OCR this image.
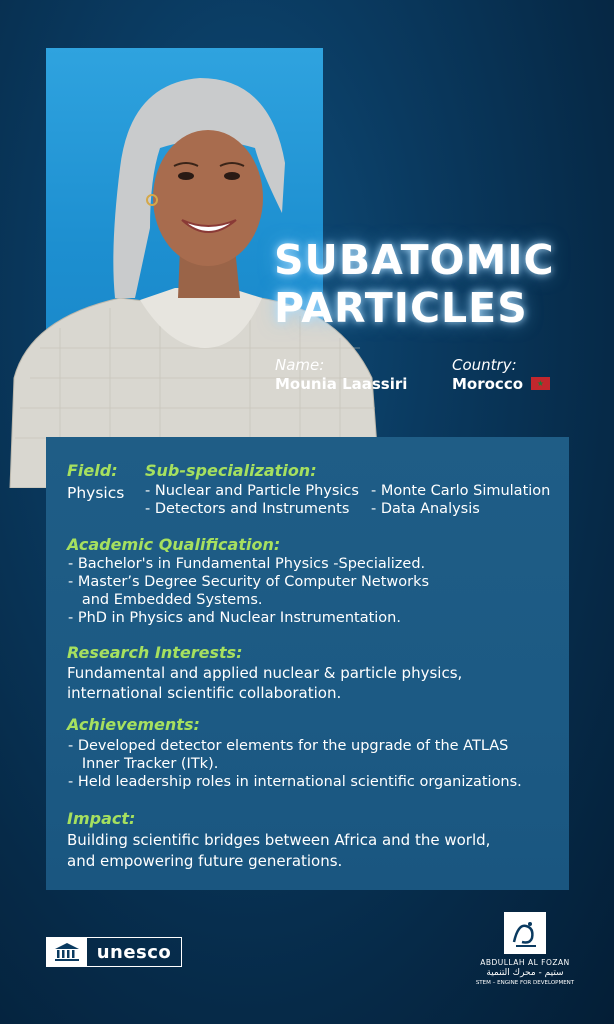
SUBATOMIC
PARTICLES
Name:
Mounia Laassiri
Country:
Morocco	★
Field:
Physics
Sub-specialization:
- Nuclear and Particle Physics
- Detectors and Instruments
- Monte Carlo Simulation
- Data Analysis
Academic Qualification:
- Bachelor's in Fundamental Physics -Specialized.
- Master’s Degree Security of Computer Networks
and Embedded Systems.
- PhD in Physics and Nuclear Instrumentation.
Research Interests:
Fundamental and applied nuclear & particle physics,
international scientific collaboration.
Achievements:
- Developed detector elements for the upgrade of the ATLAS
Inner Tracker (ITk).
- Held leadership roles in international scientific organizations.
Impact:
Building scientific bridges between Africa and the world,
and empowering future generations.
unesco	ABDULLAH AL FOZAN
ستيم - محرك التنمية
STEM – ENGINE FOR DEVELOPMENT
